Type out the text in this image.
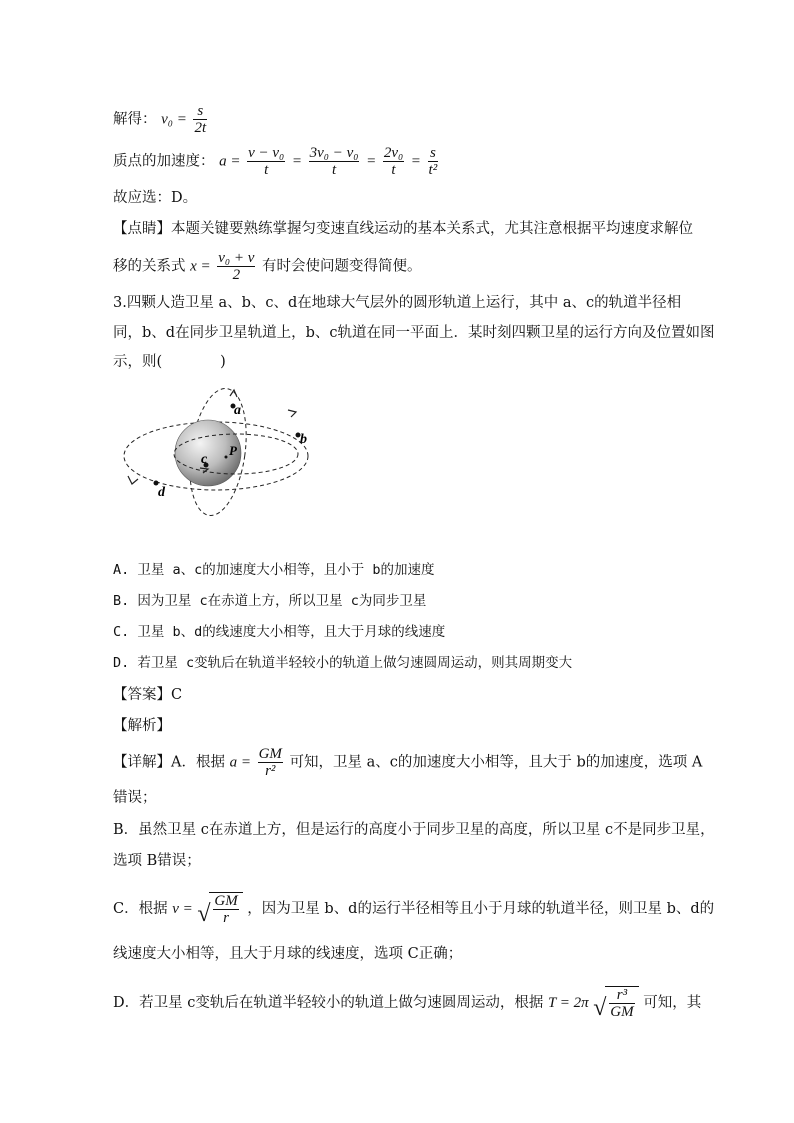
解得： $v_0 = \frac{s}{2t}$
质点的加速度： $a = \frac{\text{v − v₀}}{t} = \frac{\text{3v₀ − v₀}}{t} = \frac{\text{2v₀}}{t} = \frac{s}{\text{t²}}$
故应选：D。
【点睛】本题关键要熟练掌握匀变速直线运动的基本关系式，尤其注意根据平均速度求解位
移的关系式 $x = \frac{\text{v₀ + v}}{2}$ 有时会使问题变得简便。
3.四颗人造卫星 a、b、c、d在地球大气层外的圆形轨道上运行，其中 a、c的轨道半径相
同，b、d在同步卫星轨道上，b、c轨道在同一平面上．某时刻四颗卫星的运行方向及位置如图
示，则(　　　　)
a
b
c
d
P
A. 卫星 a、c的加速度大小相等，且小于 b的加速度
B. 因为卫星 c在赤道上方，所以卫星 c为同步卫星
C. 卫星 b、d的线速度大小相等，且大于月球的线速度
D. 若卫星 c变轨后在轨道半轻较小的轨道上做匀速圆周运动，则其周期变大
【答案】C
【解析】
【详解】A．根据 $a = \frac{GM}{\text{r²}}$ 可知，卫星 a、c的加速度大小相等，且大于 b的加速度，选项 A
错误；
B．虽然卫星 c在赤道上方，但是运行的高度小于同步卫星的高度，所以卫星 c不是同步卫星，
选项 B错误；
C．根据 v = √ $\frac{GM}{r}$ ，因为卫星 b、d的运行半径相等且小于月球的轨道半径，则卫星 b、d的
线速度大小相等，且大于月球的线速度，选项 C正确；
D．若卫星 c变轨后在轨道半轻较小的轨道上做匀速圆周运动，根据 T = 2π √ $\frac{\text{r³}}{GM}$ 可知，其
